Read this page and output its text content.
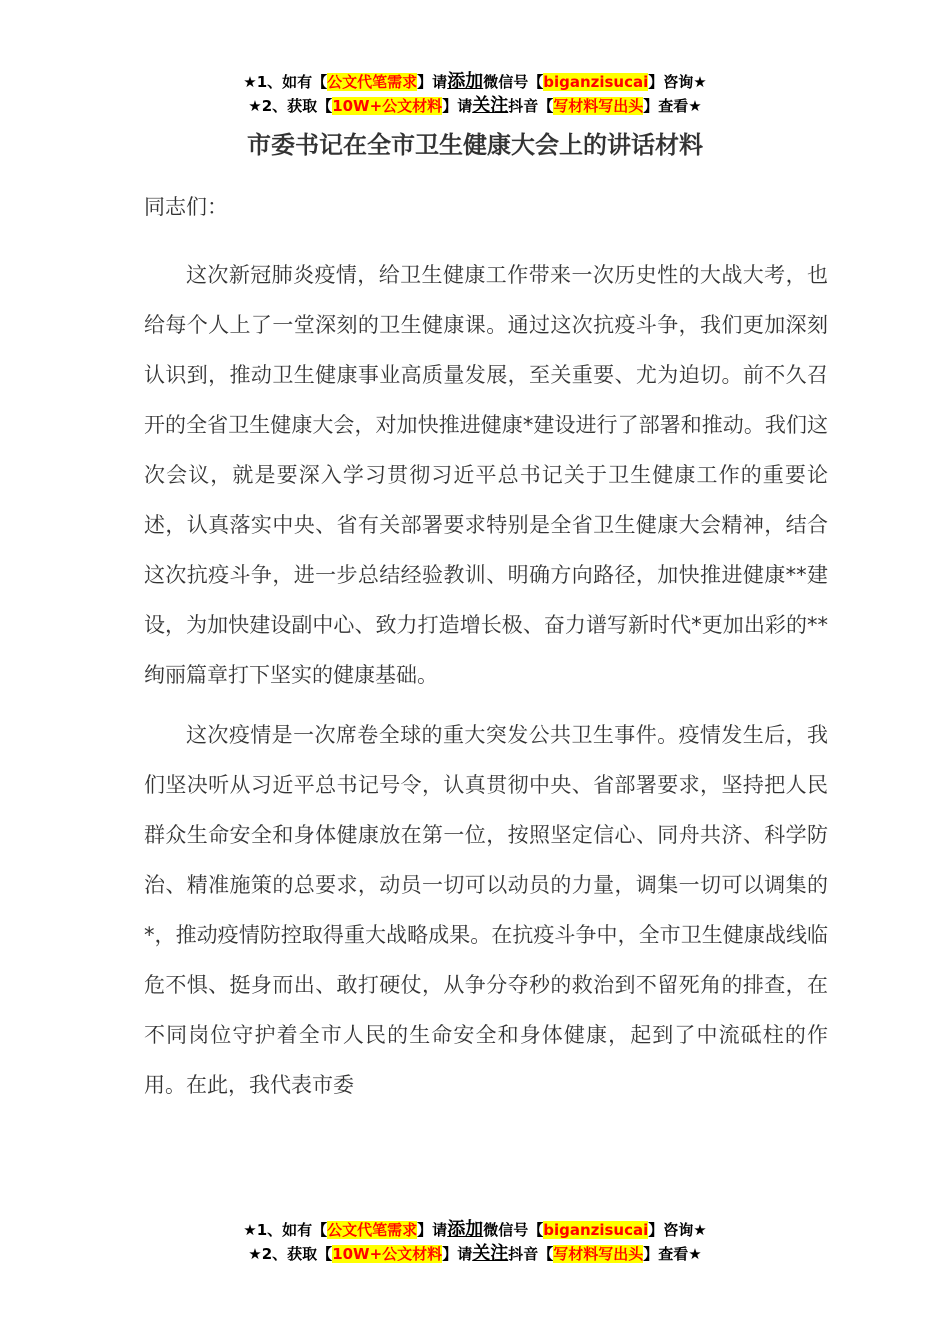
★1、如有【公文代笔需求】请添加微信号【biganzisucai】咨询★
★2、获取【10W+公文材料】请关注抖音【写材料写出头】查看★
市委书记在全市卫生健康大会上的讲话材料
同志们：

这次新冠肺炎疫情，给卫生健康工作带来一次历史性的大战大考，也给每个人上了一堂深刻的卫生健康课。通过这次抗疫斗争，我们更加深刻认识到，推动卫生健康事业高质量发展，至关重要、尤为迫切。前不久召开的全省卫生健康大会，对加快推进健康*建设进行了部署和推动。我们这次会议，就是要深入学习贯彻习近平总书记关于卫生健康工作的重要论述，认真落实中央、省有关部署要求特别是全省卫生健康大会精神，结合这次抗疫斗争，进一步总结经验教训、明确方向路径，加快推进健康**建设，为加快建设副中心、致力打造增长极、奋力谱写新时代*更加出彩的**绚丽篇章打下坚实的健康基础。

这次疫情是一次席卷全球的重大突发公共卫生事件。疫情发生后，我们坚决听从习近平总书记号令，认真贯彻中央、省部署要求，坚持把人民群众生命安全和身体健康放在第一位，按照坚定信心、同舟共济、科学防治、精准施策的总要求，动员一切可以动员的力量，调集一切可以调集的*，推动疫情防控取得重大战略成果。在抗疫斗争中，全市卫生健康战线临危不惧、挺身而出、敢打硬仗，从争分夺秒的救治到不留死角的排查，在不同岗位守护着全市人民的生命安全和身体健康，起到了中流砥柱的作用。在此，我代表市委

★1、如有【公文代笔需求】请添加微信号【biganzisucai】咨询★
★2、获取【10W+公文材料】请关注抖音【写材料写出头】查看★
